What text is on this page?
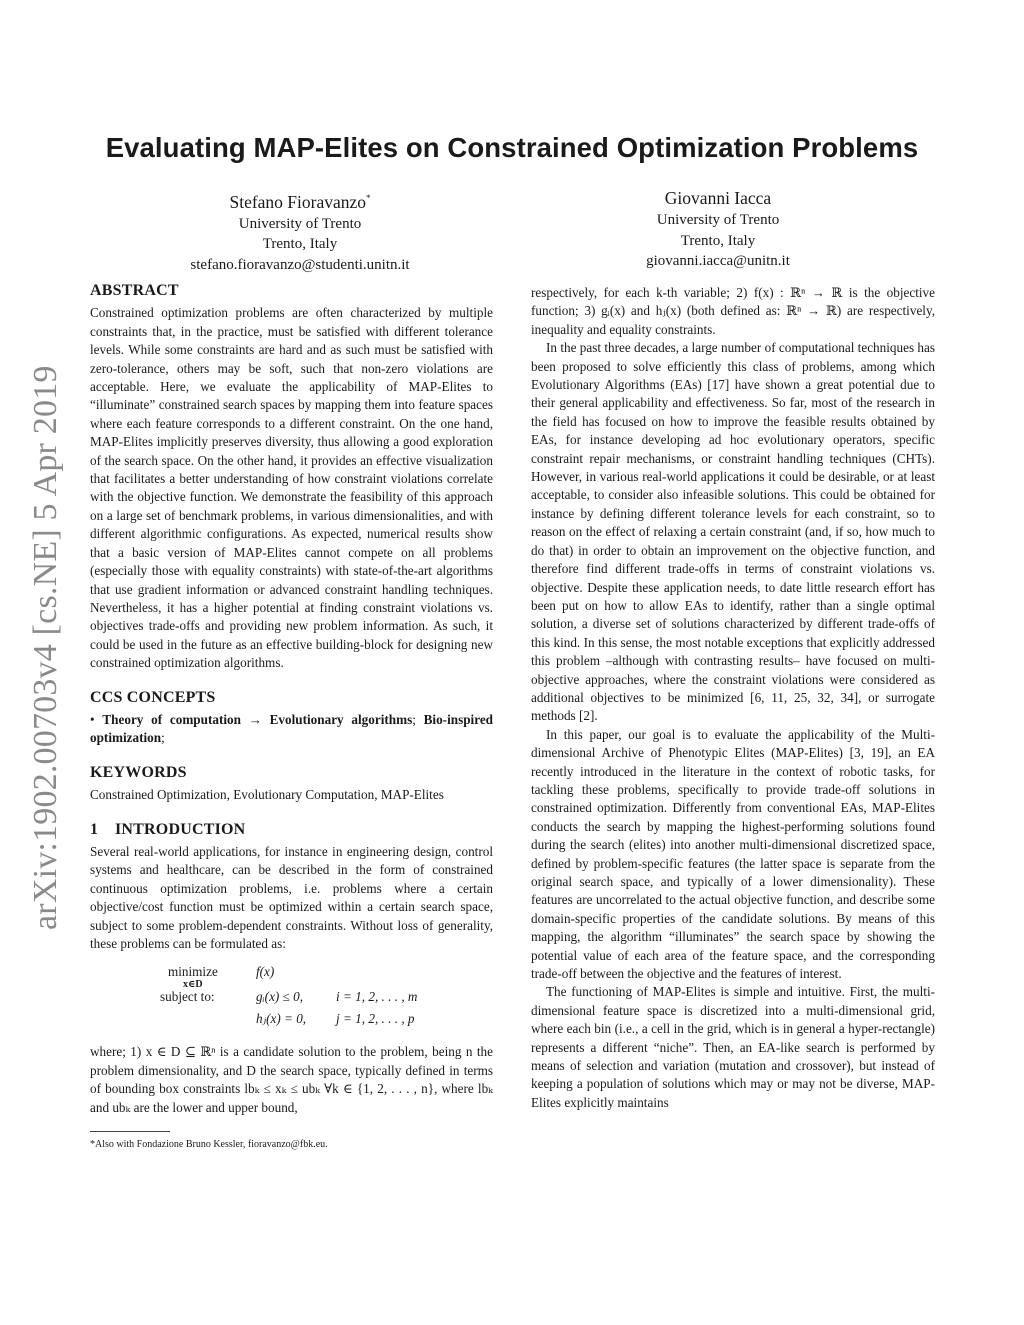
arXiv:1902.00703v4 [cs.NE] 5 Apr 2019
Evaluating MAP-Elites on Constrained Optimization Problems
Stefano Fioravanzo*
University of Trento
Trento, Italy
stefano.fioravanzo@studenti.unitn.it
Giovanni Iacca
University of Trento
Trento, Italy
giovanni.iacca@unitn.it
ABSTRACT

Constrained optimization problems are often characterized by multiple constraints that, in the practice, must be satisfied with different tolerance levels. While some constraints are hard and as such must be satisfied with zero-tolerance, others may be soft, such that non-zero violations are acceptable. Here, we evaluate the applicability of MAP-Elites to “illuminate” constrained search spaces by mapping them into feature spaces where each feature corresponds to a different constraint. On the one hand, MAP-Elites implicitly preserves diversity, thus allowing a good exploration of the search space. On the other hand, it provides an effective visualization that facilitates a better understanding of how constraint violations correlate with the objective function. We demonstrate the feasibility of this approach on a large set of benchmark problems, in various dimensionalities, and with different algorithmic configurations. As expected, numerical results show that a basic version of MAP-Elites cannot compete on all problems (especially those with equality constraints) with state-of-the-art algorithms that use gradient information or advanced constraint handling techniques. Nevertheless, it has a higher potential at finding constraint violations vs. objectives trade-offs and providing new problem information. As such, it could be used in the future as an effective building-block for designing new constrained optimization algorithms.

CCS CONCEPTS

• Theory of computation → Evolutionary algorithms; Bio-inspired optimization;

KEYWORDS

Constrained Optimization, Evolutionary Computation, MAP-Elites

1    INTRODUCTION

Several real-world applications, for instance in engineering design, control systems and healthcare, can be described in the form of constrained continuous optimization problems, i.e. problems where a certain objective/cost function must be optimized within a certain search space, subject to some problem-dependent constraints. Without loss of generality, these problems can be formulated as:

minimize
x∈D
f(x)
subject to:	gᵢ(x) ≤ 0, i = 1, 2, . . . , m
hⱼ(x) = 0, j = 1, 2, . . . , p

where; 1) x ∈ D ⊆ ℝⁿ is a candidate solution to the problem, being n the problem dimensionality, and D the search space, typically defined in terms of bounding box constraints lbₖ ≤ xₖ ≤ ubₖ ∀k ∈ {1, 2, . . . , n}, where lbₖ and ubₖ are the lower and upper bound,

*Also with Fondazione Bruno Kessler, fioravanzo@fbk.eu.

respectively, for each k-th variable; 2) f(x) : ℝⁿ → ℝ is the objective function; 3) gᵢ(x) and hⱼ(x) (both defined as: ℝⁿ → ℝ) are respectively, inequality and equality constraints.

In the past three decades, a large number of computational techniques has been proposed to solve efficiently this class of problems, among which Evolutionary Algorithms (EAs) [17] have shown a great potential due to their general applicability and effectiveness. So far, most of the research in the field has focused on how to improve the feasible results obtained by EAs, for instance developing ad hoc evolutionary operators, specific constraint repair mechanisms, or constraint handling techniques (CHTs). However, in various real-world applications it could be desirable, or at least acceptable, to consider also infeasible solutions. This could be obtained for instance by defining different tolerance levels for each constraint, so to reason on the effect of relaxing a certain constraint (and, if so, how much to do that) in order to obtain an improvement on the objective function, and therefore find different trade-offs in terms of constraint violations vs. objective. Despite these application needs, to date little research effort has been put on how to allow EAs to identify, rather than a single optimal solution, a diverse set of solutions characterized by different trade-offs of this kind. In this sense, the most notable exceptions that explicitly addressed this problem –although with contrasting results– have focused on multi-objective approaches, where the constraint violations were considered as additional objectives to be minimized [6, 11, 25, 32, 34], or surrogate methods [2].

In this paper, our goal is to evaluate the applicability of the Multi-dimensional Archive of Phenotypic Elites (MAP-Elites) [3, 19], an EA recently introduced in the literature in the context of robotic tasks, for tackling these problems, specifically to provide trade-off solutions in constrained optimization. Differently from conventional EAs, MAP-Elites conducts the search by mapping the highest-performing solutions found during the search (elites) into another multi-dimensional discretized space, defined by problem-specific features (the latter space is separate from the original search space, and typically of a lower dimensionality). These features are uncorrelated to the actual objective function, and describe some domain-specific properties of the candidate solutions. By means of this mapping, the algorithm “illuminates” the search space by showing the potential value of each area of the feature space, and the corresponding trade-off between the objective and the features of interest.

The functioning of MAP-Elites is simple and intuitive. First, the multi-dimensional feature space is discretized into a multi-dimensional grid, where each bin (i.e., a cell in the grid, which is in general a hyper-rectangle) represents a different “niche”. Then, an EA-like search is performed by means of selection and variation (mutation and crossover), but instead of keeping a population of solutions which may or may not be diverse, MAP-Elites explicitly maintains
